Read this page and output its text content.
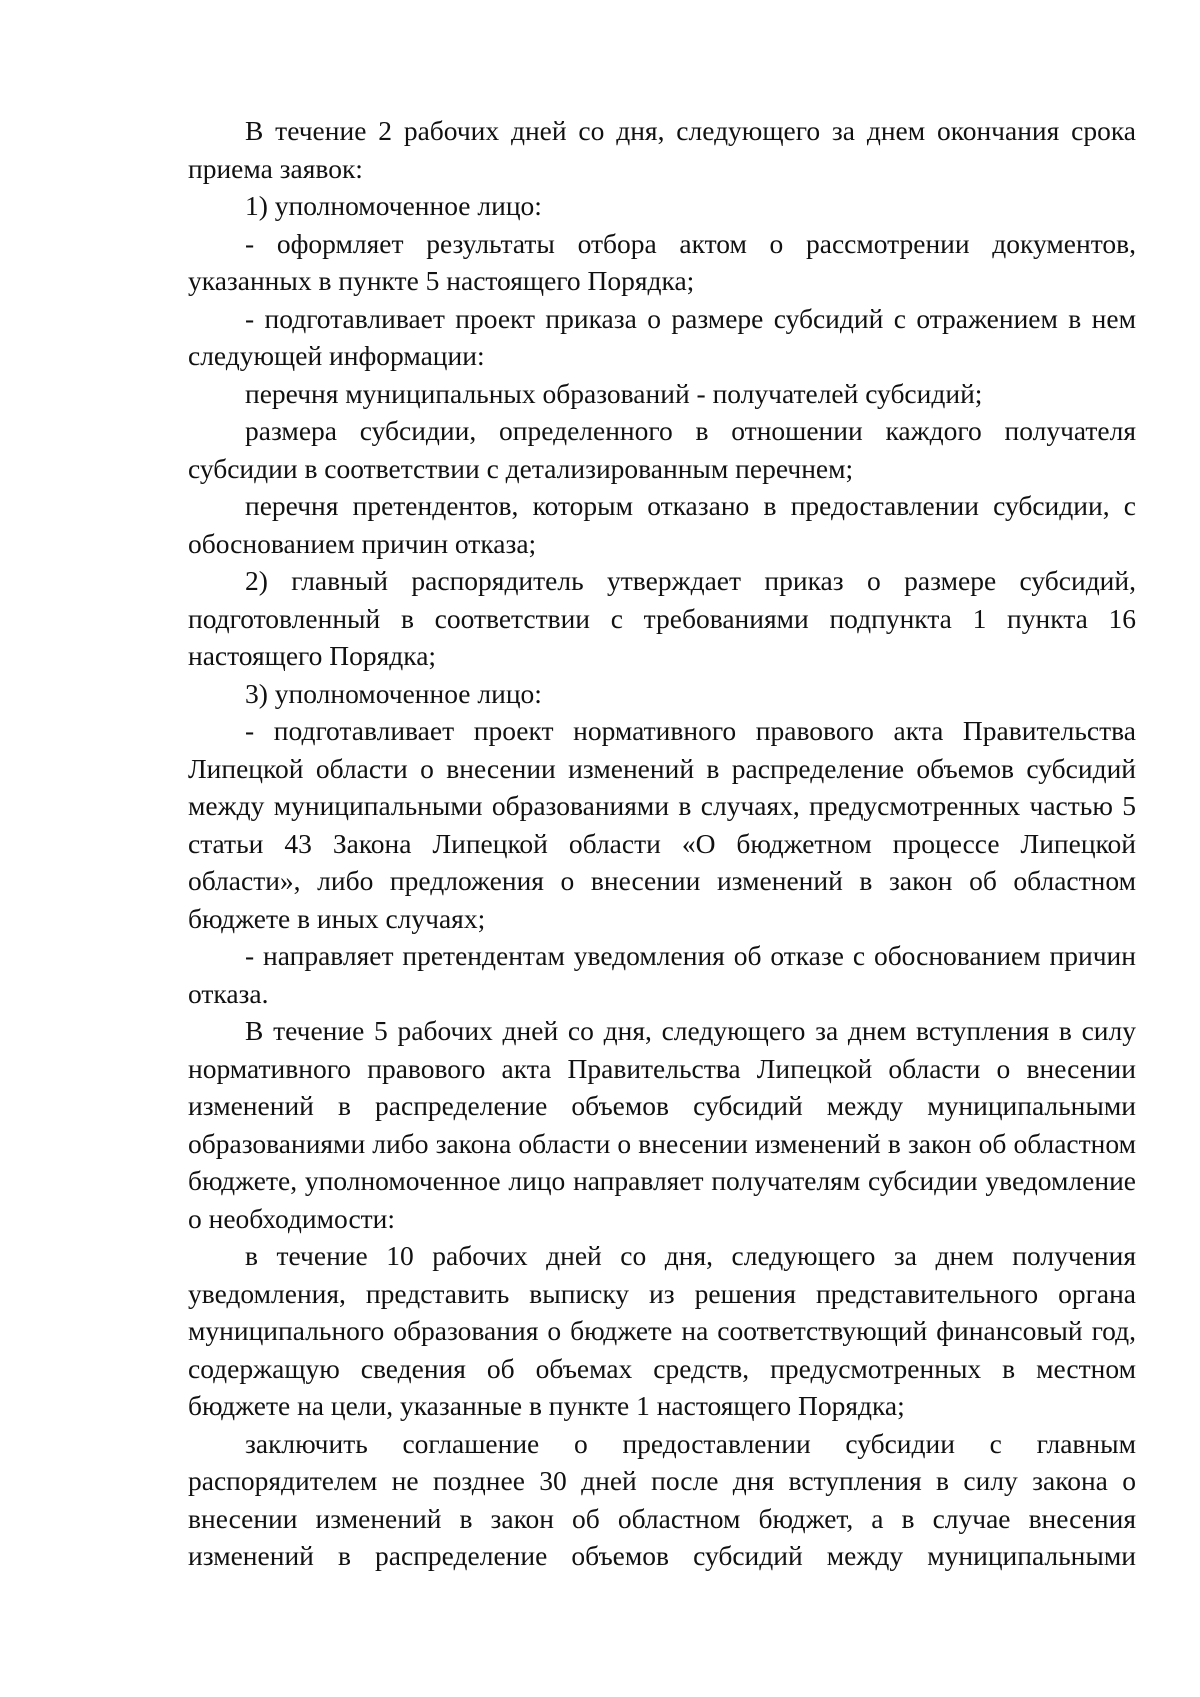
В течение 2 рабочих дней со дня, следующего за днем окончания срока приема заявок:

1) уполномоченное лицо:

- оформляет результаты отбора актом о рассмотрении документов, указанных в пункте 5 настоящего Порядка;

- подготавливает проект приказа о размере субсидий с отражением в нем следующей информации:

перечня муниципальных образований - получателей субсидий;

размера субсидии, определенного в отношении каждого получателя субсидии в соответствии с детализированным перечнем;

перечня претендентов, которым отказано в предоставлении субсидии, с обоснованием причин отказа;

2) главный распорядитель утверждает приказ о размере субсидий, подготовленный в соответствии с требованиями подпункта 1 пункта 16 настоящего Порядка;

3) уполномоченное лицо:

- подготавливает проект нормативного правового акта Правительства Липецкой области о внесении изменений в распределение объемов субсидий между муниципальными образованиями в случаях, предусмотренных частью 5 статьи 43 Закона Липецкой области «О бюджетном процессе Липецкой области», либо предложения о внесении изменений в закон об областном бюджете в иных случаях;

- направляет претендентам уведомления об отказе с обоснованием причин отказа.

В течение 5 рабочих дней со дня, следующего за днем вступления в силу нормативного правового акта Правительства Липецкой области о внесении изменений в распределение объемов субсидий между муниципальными образованиями либо закона области о внесении изменений в закон об областном бюджете, уполномоченное лицо направляет получателям субсидии уведомление о необходимости:

в течение 10 рабочих дней со дня, следующего за днем получения уведомления, представить выписку из решения представительного органа муниципального образования о бюджете на соответствующий финансовый год, содержащую сведения об объемах средств, предусмотренных в местном бюджете на цели, указанные в пункте 1 настоящего Порядка;

заключить соглашение о предоставлении субсидии с главным распорядителем не позднее 30 дней после дня вступления в силу закона о внесении изменений в закон об областном бюджет, а в случае внесения изменений в распределение объемов субсидий между муниципальными
